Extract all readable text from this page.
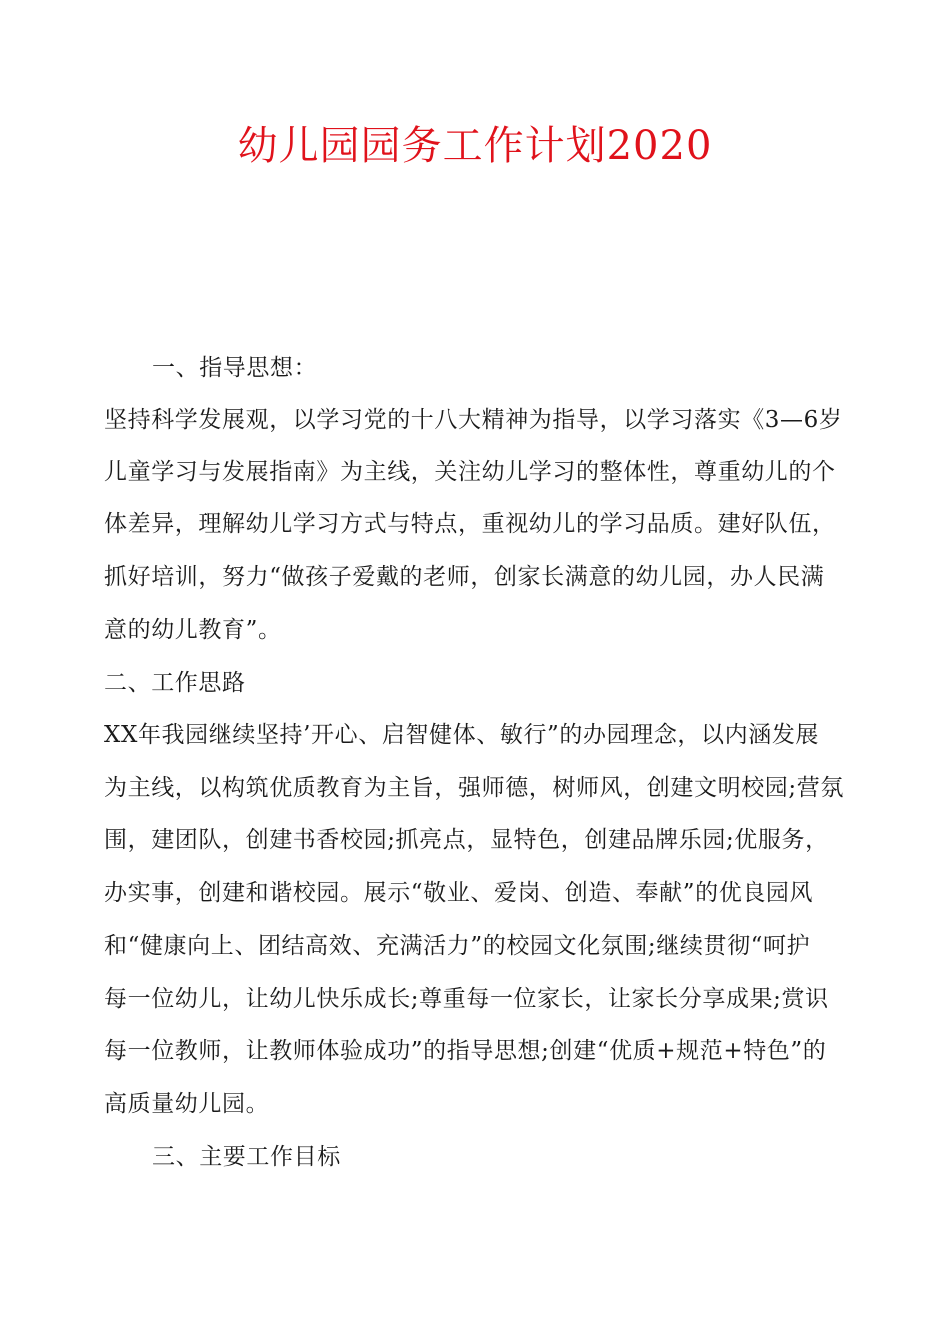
幼儿园园务工作计划2020
一、指导思想：
坚持科学发展观，以学习党的十八大精神为指导，以学习落实《3—6岁
儿童学习与发展指南》为主线，关注幼儿学习的整体性，尊重幼儿的个
体差异，理解幼儿学习方式与特点，重视幼儿的学习品质。建好队伍，
抓好培训，努力“做孩子爱戴的老师，创家长满意的幼儿园，办人民满
意的幼儿教育”。
二、工作思路
XX年我园继续坚持’开心、启智健体、敏行”的办园理念，以内涵发展
为主线，以构筑优质教育为主旨，强师德，树师风，创建文明校园;营氛
围，建团队，创建书香校园;抓亮点，显特色，创建品牌乐园;优服务，
办实事，创建和谐校园。展示“敬业、爱岗、创造、奉献”的优良园风
和“健康向上、团结高效、充满活力”的校园文化氛围;继续贯彻“呵护
每一位幼儿，让幼儿快乐成长;尊重每一位家长，让家长分享成果;赏识
每一位教师，让教师体验成功”的指导思想;创建“优质+规范+特色”的
高质量幼儿园。
三、主要工作目标
